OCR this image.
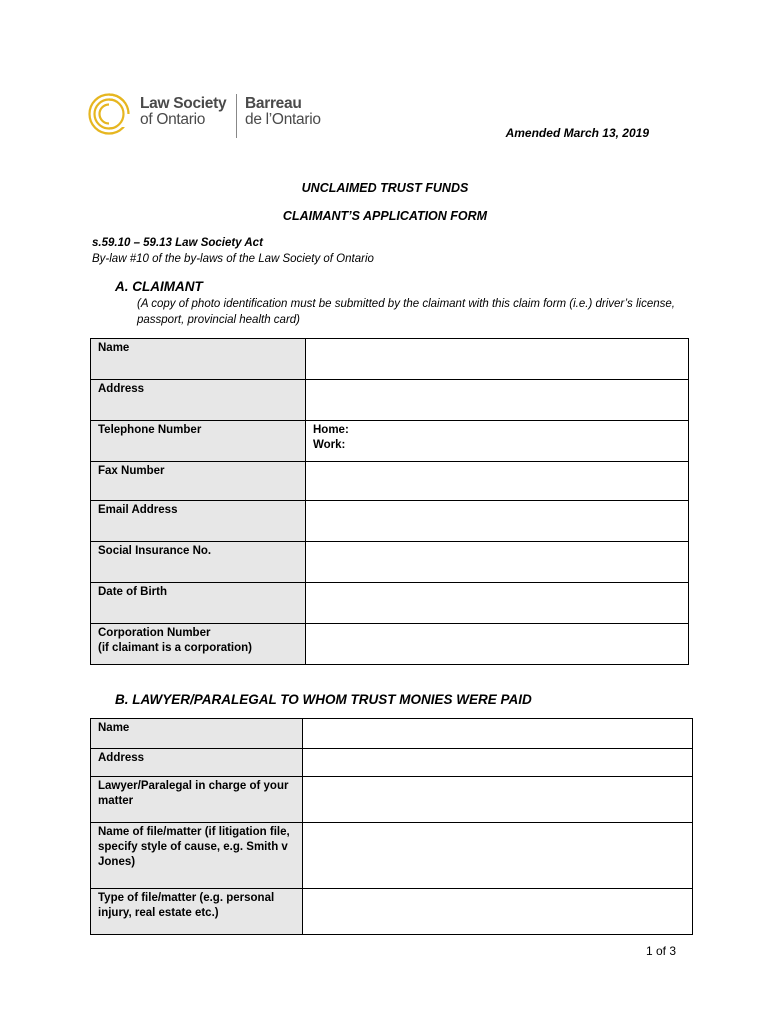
Law Society
of Ontario
Barreau
de l’Ontario
Amended March 13, 2019
UNCLAIMED TRUST FUNDS
CLAIMANT’S APPLICATION FORM
s.59.10 – 59.13 Law Society Act
By-law #10 of the by-laws of the Law Society of Ontario
A. CLAIMANT
(A copy of photo identification must be submitted by the claimant with this claim form (i.e.) driver’s license, passport, provincial health card)
Name	
Address	
Telephone Number	Home:
Work:

Fax Number	
Email Address	
Social Insurance No.	
Date of Birth	

Corporation Number
(if claimant is a corporation)	

B. LAWYER/PARALEGAL TO WHOM TRUST MONIES WERE PAID
Name	
Address	
Lawyer/Paralegal in charge of your matter	
Name of file/matter (if litigation file, specify style of cause, e.g. Smith v Jones)	
Type of file/matter (e.g. personal injury, real estate etc.)	
1 of 3
